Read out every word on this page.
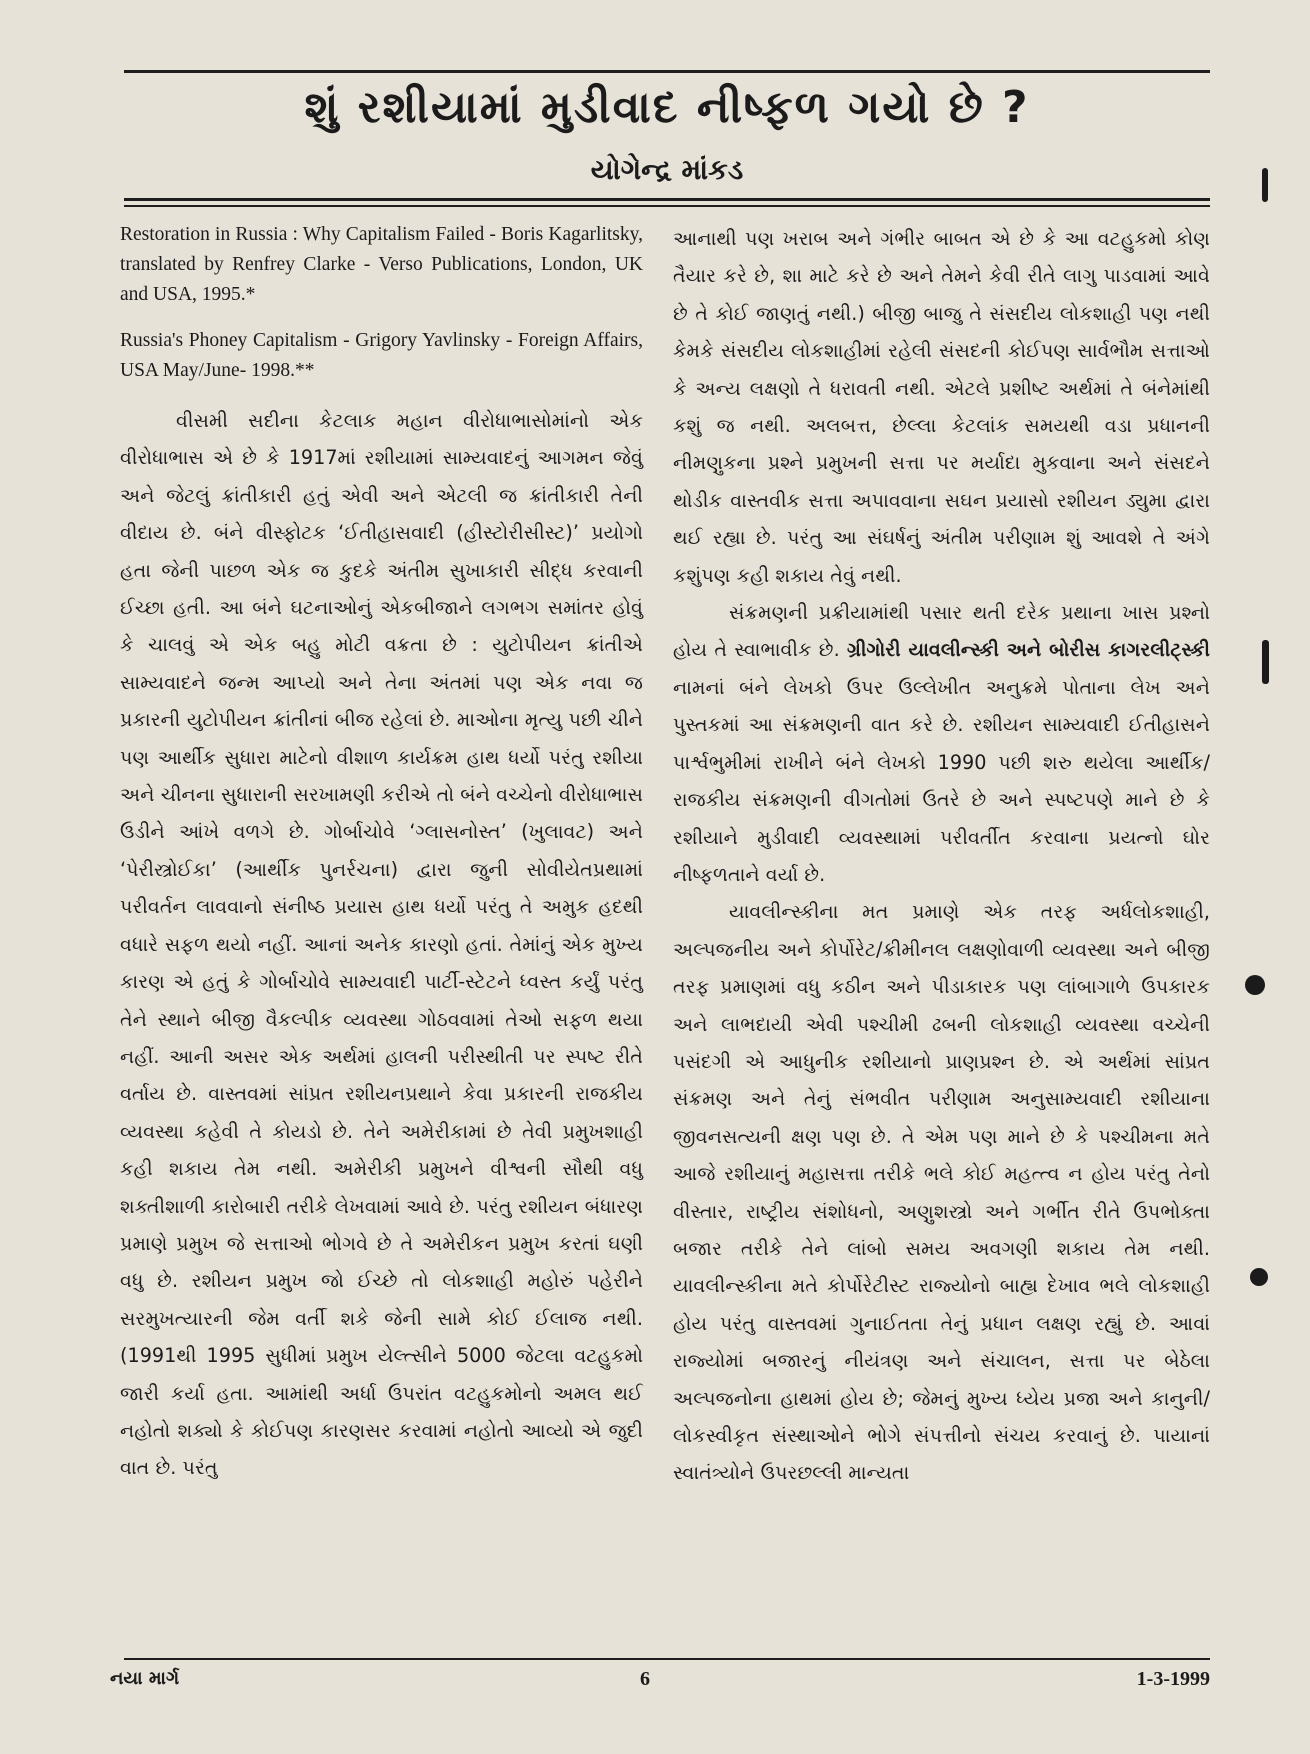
શું રશીયામાં મુડીવાદ નીષ્ફળ ગયો છે ?
યોગેન્દ્ર માંકડ

Restoration in Russia : Why Capitalism Failed - Boris Kagarlitsky, translated by Renfrey Clarke - Verso Publications, London, UK and USA, 1995.*

Russia's Phoney Capitalism - Grigory Yavlinsky - Foreign Affairs, USA May/June- 1998.**

વીસમી સદીના કેટલાક મહાન વીરોધાભાસોમાંનો એક વીરોધાભાસ એ છે કે 1917માં રશીયામાં સામ્યવાદનું આગમન જેવું અને જેટલું ક્રાંતીકારી હતું એવી અને એટલી જ ક્રાંતીકારી તેની વીદાય છે. બંને વીસ્ફોટક ‘ઈતીહાસવાદી (હીસ્ટોરીસીસ્ટ)’ પ્રયોગો હતા જેની પાછળ એક જ કુદકે અંતીમ સુખાકારી સીદ્ધ કરવાની ઈચ્છા હતી. આ બંને ઘટનાઓનું એકબીજાને લગભગ સમાંતર હોવું કે ચાલવું એ એક બહુ મોટી વક્રતા છે : યુટોપીયન ક્રાંતીએ સામ્યવાદને જન્મ આપ્યો અને તેના અંતમાં પણ એક નવા જ પ્રકારની યુટોપીયન ક્રાંતીનાં બીજ રહેલાં છે. માઓના મૃત્યુ પછી ચીને પણ આર્થીક સુધારા માટેનો વીશાળ કાર્યક્રમ હાથ ધર્યો પરંતુ રશીયા અને ચીનના સુધારાની સરખામણી કરીએ તો બંને વચ્ચેનો વીરોધાભાસ ઉડીને આંખે વળગે છે. ગોર્બાચોવે ‘ગ્લાસનોસ્ત’ (ખુલાવટ) અને ‘પેરીસ્ત્રોઈકા’ (આર્થીક પુનર્રચના) દ્વારા જુની સોવીયેતપ્રથામાં પરીવર્તન લાવવાનો સંનીષ્ઠ પ્રયાસ હાથ ધર્યો પરંતુ તે અમુક હદથી વધારે સફળ થયો નહીં. આનાં અનેક કારણો હતાં. તેમાંનું એક મુખ્ય કારણ એ હતું કે ગોર્બાચોવે સામ્યવાદી પાર્ટી-સ્ટેટને ધ્વસ્ત કર્યું પરંતુ તેને સ્થાને બીજી વૈકલ્પીક વ્યવસ્થા ગોઠવવામાં તેઓ સફળ થયા નહીં. આની અસર એક અર્થમાં હાલની પરીસ્થીતી પર સ્પષ્ટ રીતે વર્તાય છે. વાસ્તવમાં સાંપ્રત રશીયનપ્રથાને કેવા પ્રકારની રાજકીય વ્યવસ્થા કહેવી તે કોયડો છે. તેને અમેરીકામાં છે તેવી પ્રમુખશાહી કહી શકાય તેમ નથી. અમેરીકી પ્રમુખને વીશ્વની સૌથી વધુ શક્તીશાળી કારોબારી તરીકે લેખવામાં આવે છે. પરંતુ રશીયન બંધારણ પ્રમાણે પ્રમુખ જે સત્તાઓ ભોગવે છે તે અમેરીકન પ્રમુખ કરતાં ઘણી વધુ છે. રશીયન પ્રમુખ જો ઈચ્છે તો લોકશાહી મહોરું પહેરીને સરમુખત્યારની જેમ વર્તી શકે જેની સામે કોઈ ઈલાજ નથી. (1991થી 1995 સુધીમાં પ્રમુખ યેલ્ત્સીને 5000 જેટલા વટહુકમો જારી કર્યા હતા. આમાંથી અર્ધા ઉપરાંત વટહુકમોનો અમલ થઈ નહોતો શક્યો કે કોઈપણ કારણસર કરવામાં નહોતો આવ્યો એ જુદી વાત છે. પરંતુ

આનાથી પણ ખરાબ અને ગંભીર બાબત એ છે કે આ વટહુકમો કોણ તૈયાર કરે છે, શા માટે કરે છે અને તેમને કેવી રીતે લાગુ પાડવામાં આવે છે તે કોઈ જાણતું નથી.) બીજી બાજુ તે સંસદીય લોકશાહી પણ નથી કેમકે સંસદીય લોકશાહીમાં રહેલી સંસદની કોઈપણ સાર્વભૌમ સત્તાઓ કે અન્ય લક્ષણો તે ધરાવતી નથી. એટલે પ્રશીષ્ટ અર્થમાં તે બંનેમાંથી કશું જ નથી. અલબત્ત, છેલ્લા કેટલાંક સમયથી વડા પ્રધાનની નીમણુકના પ્રશ્ને પ્રમુખની સત્તા પર મર્યાદા મુકવાના અને સંસદને થોડીક વાસ્તવીક સત્તા અપાવવાના સઘન પ્રયાસો રશીયન ડ્યુમા દ્વારા થઈ રહ્યા છે. પરંતુ આ સંઘર્ષનું અંતીમ પરીણામ શું આવશે તે અંગે કશુંપણ કહી શકાય તેવું નથી.

સંક્રમણની પ્રક્રીયામાંથી પસાર થતી દરેક પ્રથાના ખાસ પ્રશ્નો હોય તે સ્વાભાવીક છે. ગ્રીગોરી યાવલીન્સ્કી અને બોરીસ કાગરલીટ્સ્કી નામનાં બંને લેખકો ઉપર ઉલ્લેખીત અનુક્રમે પોતાના લેખ અને પુસ્તકમાં આ સંક્રમણની વાત કરે છે. રશીયન સામ્યવાદી ઈતીહાસને પાર્શ્વભુમીમાં રાખીને બંને લેખકો 1990 પછી શરુ થયેલા આર્થીક/રાજકીય સંક્રમણની વીગતોમાં ઉતરે છે અને સ્પષ્ટપણે માને છે કે રશીયાને મુડીવાદી વ્યવસ્થામાં પરીવર્તીત કરવાના પ્રયત્નો ઘોર નીષ્ફળતાને વર્યા છે.

યાવલીન્સ્કીના મત પ્રમાણે એક તરફ અર્ધલોકશાહી, અલ્પજનીય અને કોર્પોરેટ/ક્રીમીનલ લક્ષણોવાળી વ્યવસ્થા અને બીજી તરફ પ્રમાણમાં વધુ કઠીન અને પીડાકારક પણ લાંબાગાળે ઉપકારક અને લાભદાયી એવી પશ્ચીમી ઢબની લોકશાહી વ્યવસ્થા વચ્ચેની પસંદગી એ આધુનીક રશીયાનો પ્રાણપ્રશ્ન છે. એ અર્થમાં સાંપ્રત સંક્રમણ અને તેનું સંભવીત પરીણામ અનુસામ્યવાદી રશીયાના જીવનસત્યની ક્ષણ પણ છે. તે એમ પણ માને છે કે પશ્ચીમના મતે આજે રશીયાનું મહાસત્તા તરીકે ભલે કોઈ મહત્ત્વ ન હોય પરંતુ તેનો વીસ્તાર, રાષ્ટ્રીય સંશોધનો, અણુશસ્ત્રો અને ગર્ભીત રીતે ઉપભોક્તા બજાર તરીકે તેને લાંબો સમય અવગણી શકાય તેમ નથી. યાવલીન્સ્કીના મતે કોર્પોરેટીસ્ટ રાજ્યોનો બાહ્ય દેખાવ ભલે લોકશાહી હોય પરંતુ વાસ્તવમાં ગુનાઈતતા તેનું પ્રધાન લક્ષણ રહ્યું છે. આવાં રાજ્યોમાં બજારનું નીયંત્રણ અને સંચાલન, સત્તા પર બેઠેલા અલ્પજનોના હાથમાં હોય છે; જેમનું મુખ્ય ધ્યેય પ્રજા અને કાનુની/લોકસ્વીકૃત સંસ્થાઓને ભોગે સંપત્તીનો સંચય કરવાનું છે. પાયાનાં સ્વાતંત્ર્યોને ઉપરછલ્લી માન્યતા

નયા માર્ગ	6	1-3-1999
